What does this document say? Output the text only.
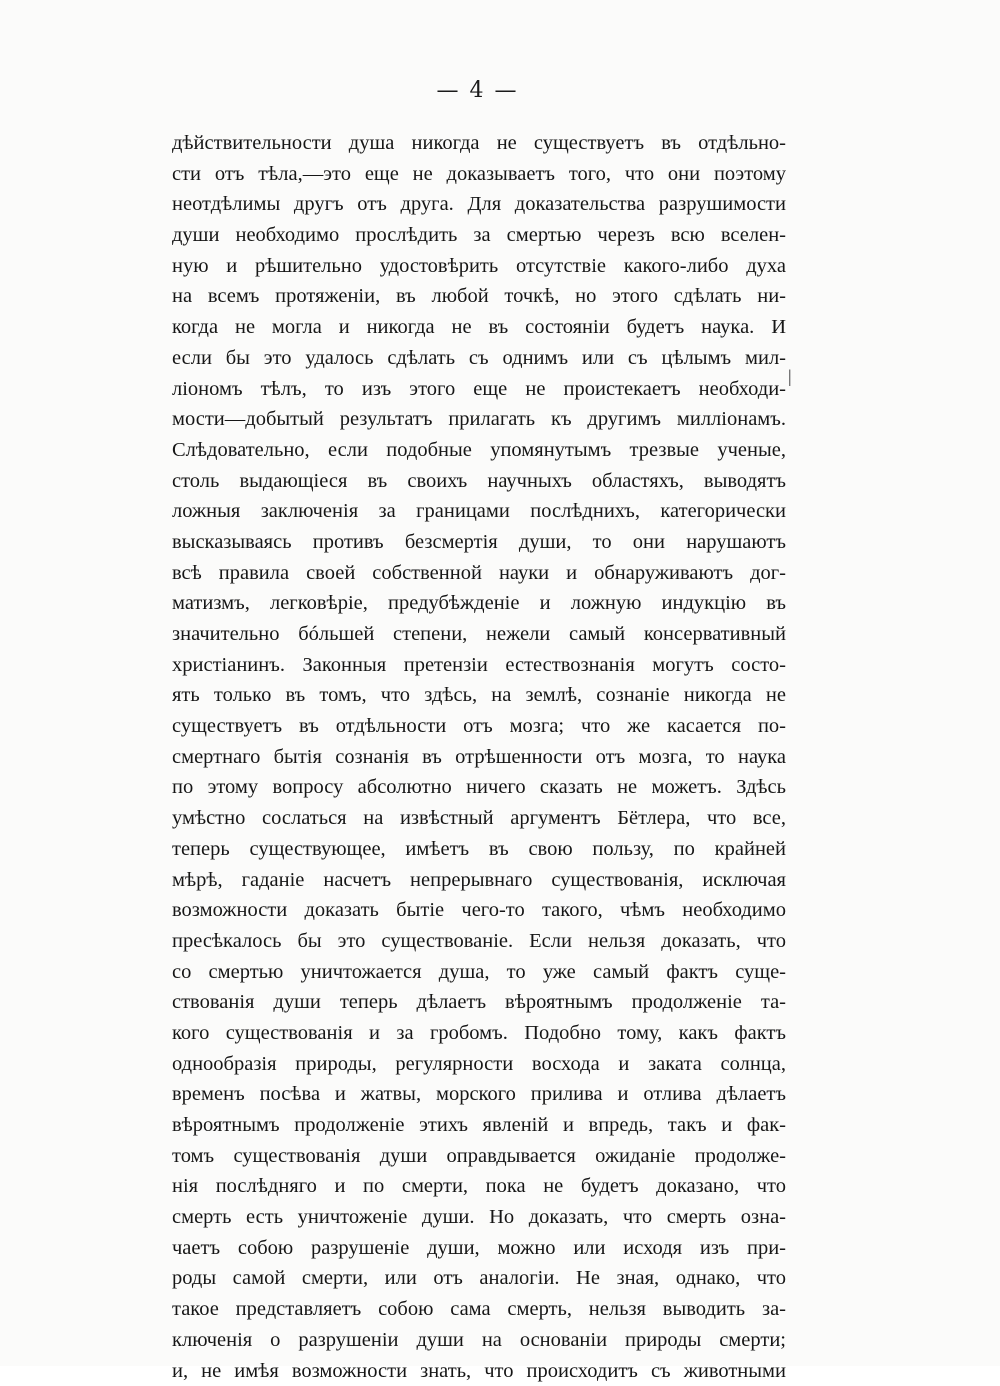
— 4 —
дѣйствительности душа никогда не существуетъ въ отдѣльно-
сти отъ тѣла,—это еще не доказываетъ того, что они поэтому
неотдѣлимы другъ отъ друга. Для доказательства разрушимости
души необходимо прослѣдить за смертью черезъ всю вселен-
ную и рѣшительно удостовѣрить отсутствіе какого-либо духа
на всемъ протяженіи, въ любой точкѣ, но этого сдѣлать ни-
когда не могла и никогда не въ состояніи будетъ наука. И
если бы это удалось сдѣлать съ однимъ или съ цѣлымъ мил-
ліономъ тѣлъ, то изъ этого еще не проистекаетъ необходи-
мости—добытый результатъ прилагать къ другимъ милліонамъ.
Слѣдовательно, если подобные упомянутымъ трезвые ученые,
столь выдающіеся въ своихъ научныхъ областяхъ, выводятъ
ложныя заключенія за границами послѣднихъ, категорически
высказываясь противъ безсмертія души, то они нарушаютъ
всѣ правила своей собственной науки и обнаруживаютъ дог-
матизмъ, легковѣріе, предубѣжденіе и ложную индукцію въ
значительно бóльшей степени, нежели самый консервативный
христіанинъ. Законныя претензіи естествознанія могутъ состо-
ять только въ томъ, что здѣсь, на землѣ, сознаніе никогда не
существуетъ въ отдѣльности отъ мозга; что же касается по-
смертнаго бытія сознанія въ отрѣшенности отъ мозга, то наука
по этому вопросу абсолютно ничего сказать не можетъ. Здѣсь
умѣстно сослаться на извѣстный аргументъ Бётлера, что все,
теперь существующее, имѣетъ въ свою пользу, по крайней
мѣрѣ, гаданіе насчетъ непрерывнаго существованія, исключая
возможности доказать бытіе чего-то такого, чѣмъ необходимо
пресѣкалось бы это существованіе. Если нельзя доказать, что
со смертью уничтожается душа, то уже самый фактъ суще-
ствованія души теперь дѣлаетъ вѣроятнымъ продолженіе та-
кого существованія и за гробомъ. Подобно тому, какъ фактъ
однообразія природы, регулярности восхода и заката солнца,
временъ посѣва и жатвы, морского прилива и отлива дѣлаетъ
вѣроятнымъ продолженіе этихъ явленій и впредь, такъ и фак-
томъ существованія души оправдывается ожиданіе продолже-
нія послѣдняго и по смерти, пока не будетъ доказано, что
смерть есть уничтоженіе души. Но доказать, что смерть озна-
чаетъ собою разрушеніе души, можно или исходя изъ при-
роды самой смерти, или отъ аналогіи. Не зная, однако, что
такое представляетъ собою сама смерть, нельзя выводить за-
ключенія о разрушеніи души на основаніи природы смерти;
и, не имѣя возможности знать, что происходитъ съ животными
|
